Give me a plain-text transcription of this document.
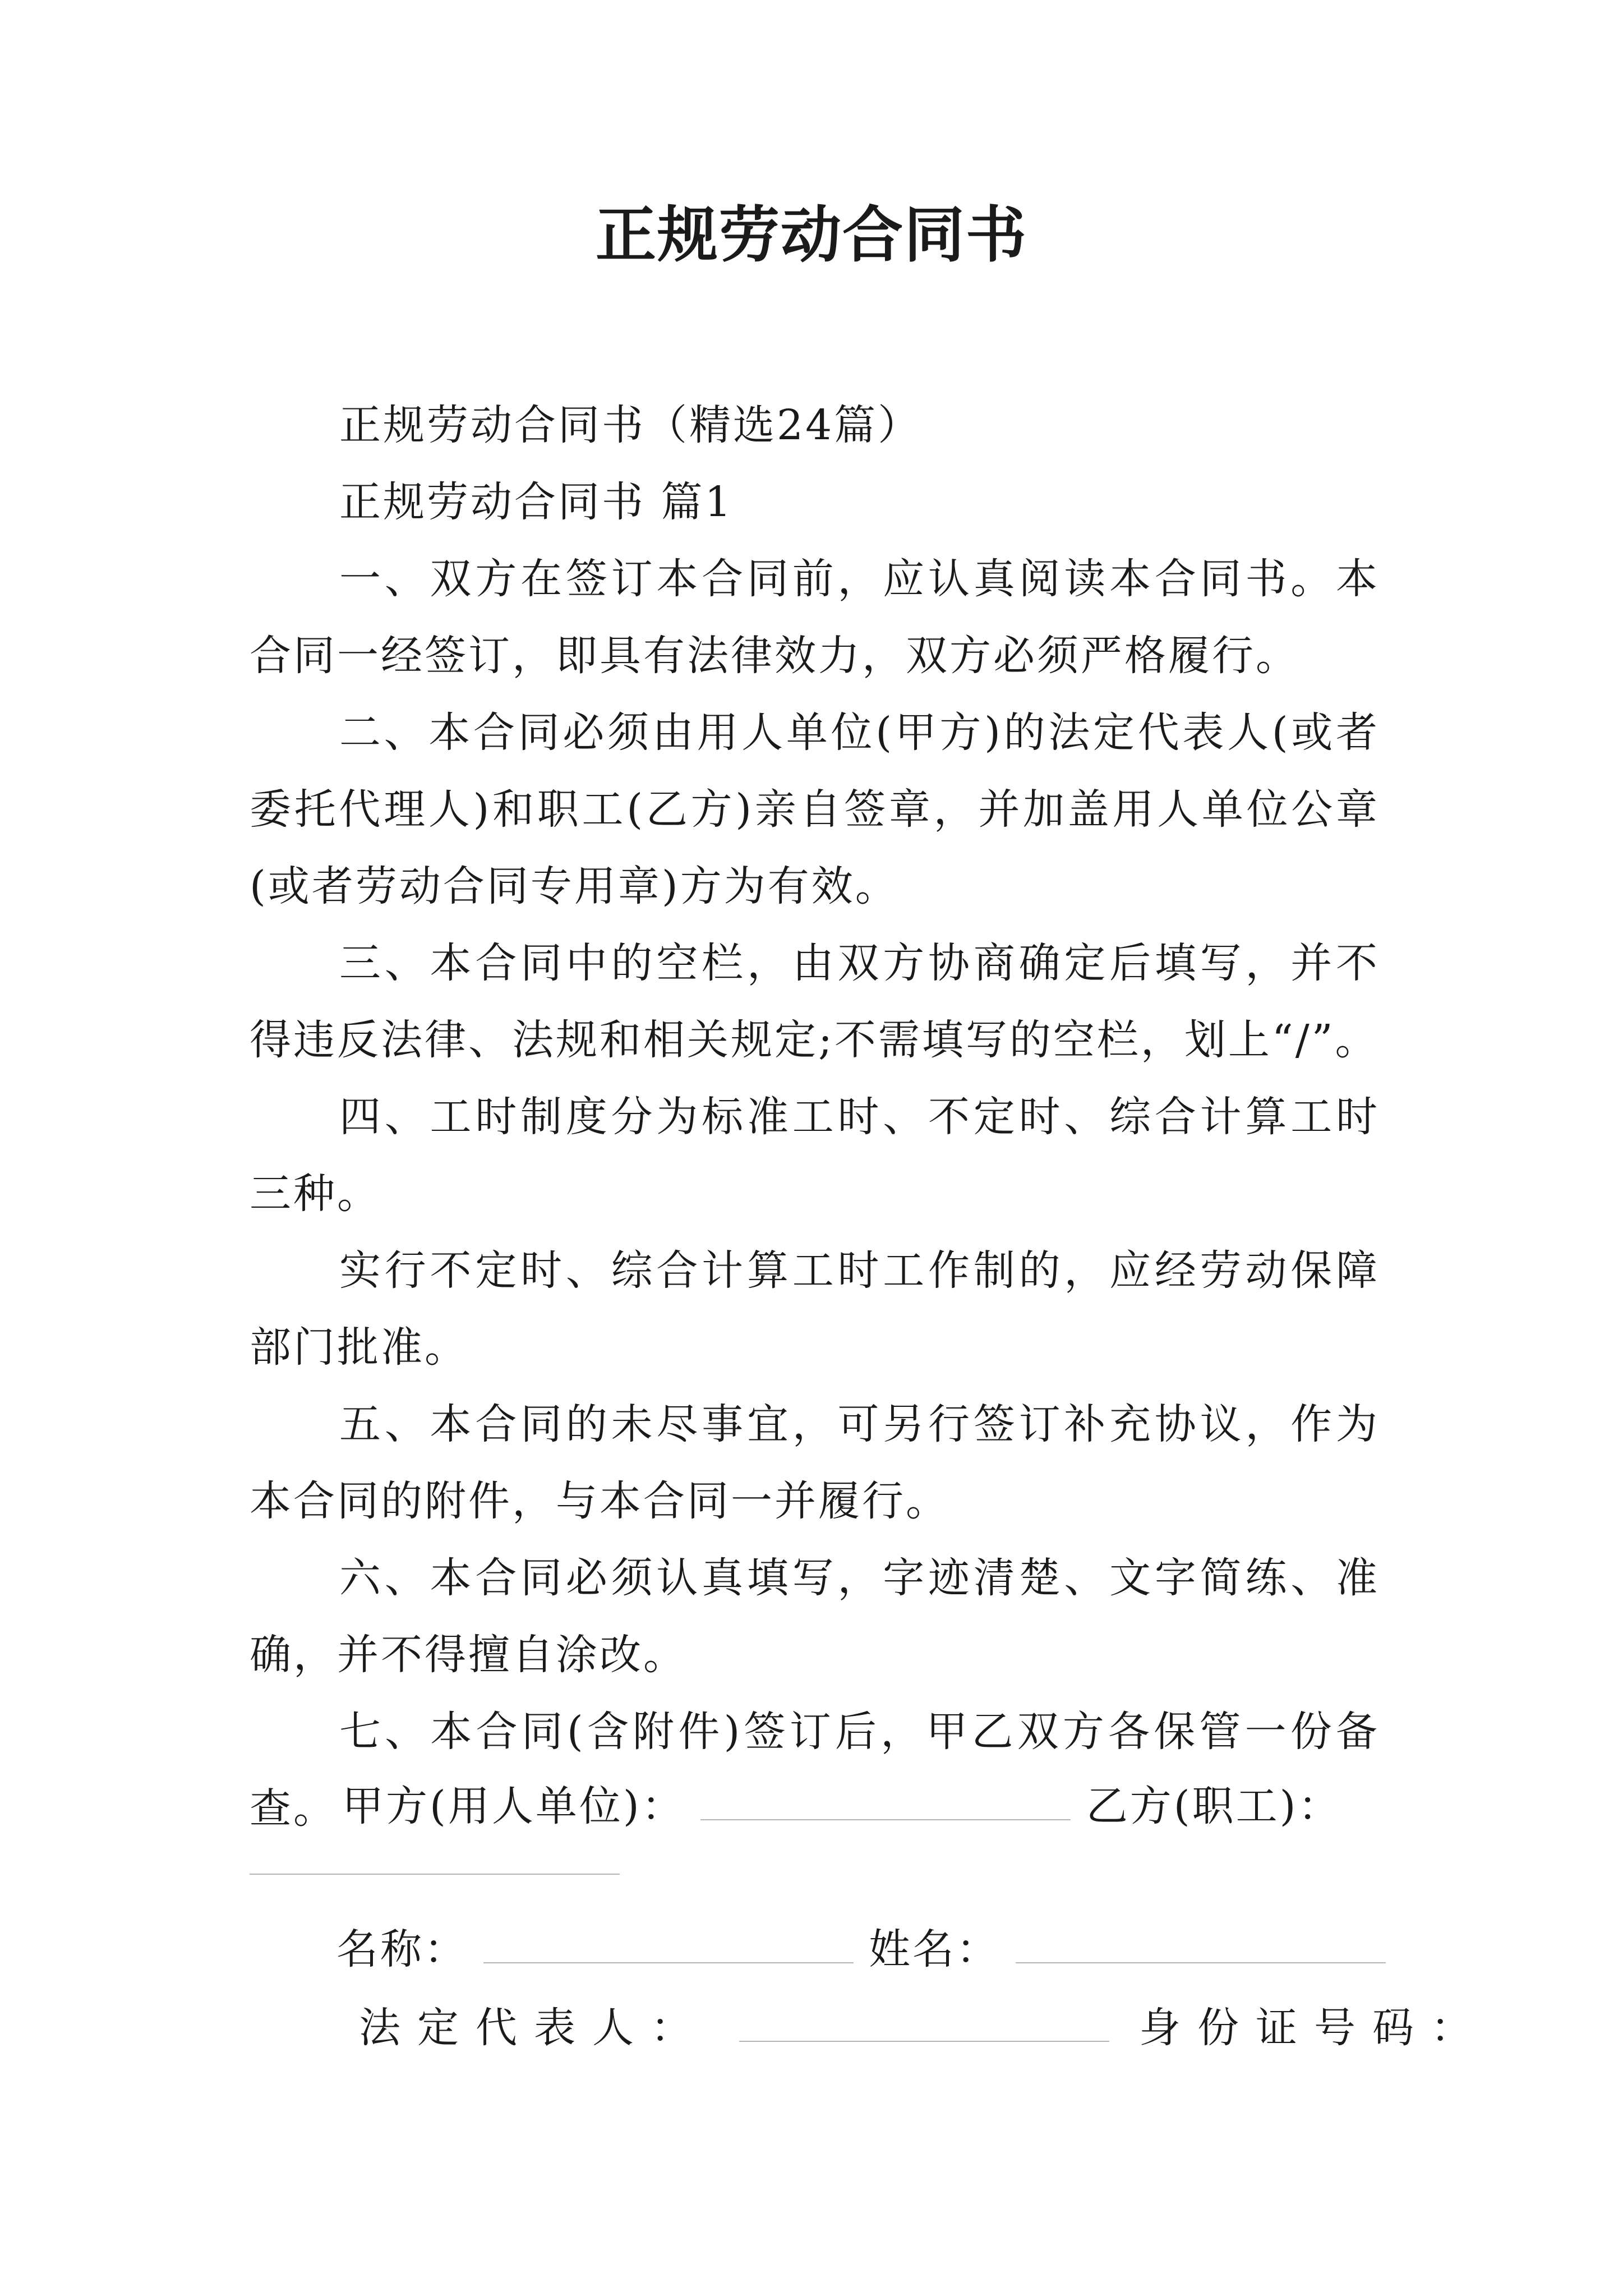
正规劳动合同书

正规劳动合同书（精选24篇）

正规劳动合同书 篇1

一、双方在签订本合同前，应认真阅读本合同书。本合同一经签订，即具有法律效力，双方必须严格履行。

二、本合同必须由用人单位(甲方)的法定代表人(或者委托代理人)和职工(乙方)亲自签章，并加盖用人单位公章(或者劳动合同专用章)方为有效。

三、本合同中的空栏，由双方协商确定后填写，并不得违反法律、法规和相关规定;不需填写的空栏，划上“/”。

四、工时制度分为标准工时、不定时、综合计算工时三种。

实行不定时、综合计算工时工作制的，应经劳动保障部门批准。

五、本合同的未尽事宜，可另行签订补充协议，作为本合同的附件，与本合同一并履行。

六、本合同必须认真填写，字迹清楚、文字简练、准确，并不得擅自涂改。

七、本合同(含附件)签订后，甲乙双方各保管一份备查。 甲方(用人单位)：	乙方(职工)：
名称：	姓名：
法定代表人：	身份证号码：
